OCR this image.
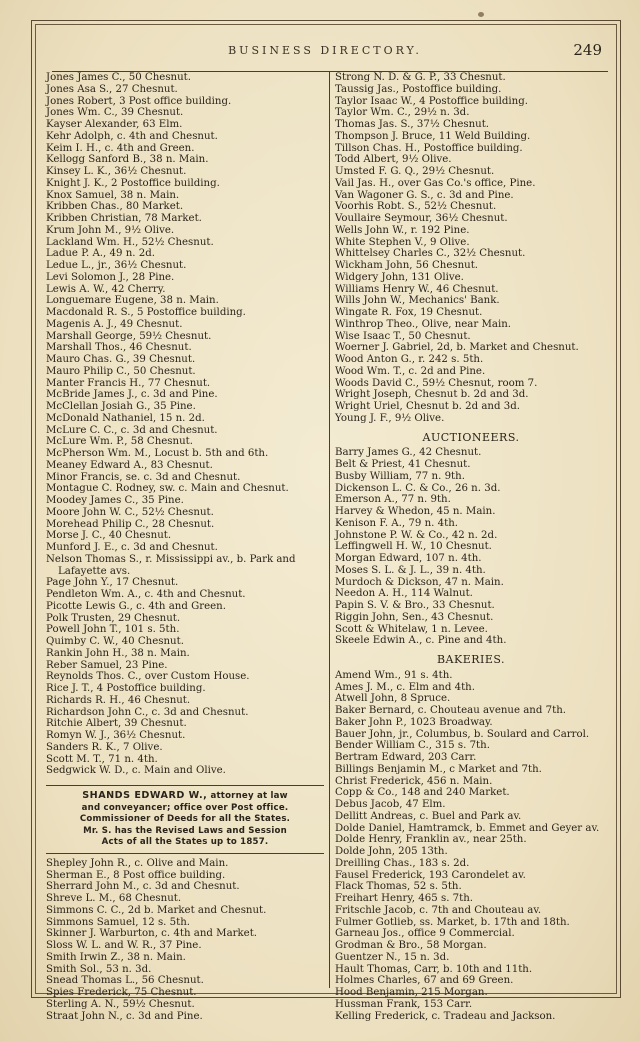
BUSINESS DIRECTORY.	249
Jones James C., 50 Chesnut.
Jones Asa S., 27 Chesnut.
Jones Robert, 3 Post office building.
Jones Wm. C., 39 Chesnut.
Kayser Alexander, 63 Elm.
Kehr Adolph, c. 4th and Chesnut.
Keim I. H., c. 4th and Green.
Kellogg Sanford B., 38 n. Main.
Kinsey L. K., 36½ Chesnut.
Knight J. K., 2 Postoffice building.
Knox Samuel, 38 n. Main.
Kribben Chas., 80 Market.
Kribben Christian, 78 Market.
Krum John M., 9½ Olive.
Lackland Wm. H., 52½ Chesnut.
Ladue P. A., 49 n. 2d.
Ledue L., jr., 36½ Chesnut.
Levi Solomon J., 28 Pine.
Lewis A. W., 42 Cherry.
Longuemare Eugene, 38 n. Main.
Macdonald R. S., 5 Postoffice building.
Magenis A. J., 49 Chesnut.
Marshall George, 59½ Chesnut.
Marshall Thos., 46 Chesnut.
Mauro Chas. G., 39 Chesnut.
Mauro Philip C., 50 Chesnut.
Manter Francis H., 77 Chesnut.
McBride James J., c. 3d and Pine.
McClellan Josiah G., 35 Pine.
McDonald Nathaniel, 15 n. 2d.
McLure C. C., c. 3d and Chesnut.
McLure Wm. P., 58 Chesnut.
McPherson Wm. M., Locust b. 5th and 6th.
Meaney Edward A., 83 Chesnut.
Minor Francis, se. c. 3d and Chesnut.
Montague C. Rodney, sw. c. Main and Chesnut.
Moodey James C., 35 Pine.
Moore John W. C., 52½ Chesnut.
Morehead Philip C., 28 Chesnut.
Morse J. C., 40 Chesnut.
Munford J. E., c. 3d and Chesnut.
Nelson Thomas S., r. Mississippi av., b. Park and Lafayette avs.
Page John Y., 17 Chesnut.
Pendleton Wm. A., c. 4th and Chesnut.
Picotte Lewis G., c. 4th and Green.
Polk Trusten, 29 Chesnut.
Powell John T., 101 s. 5th.
Quimby C. W., 40 Chesnut.
Rankin John H., 38 n. Main.
Reber Samuel, 23 Pine.
Reynolds Thos. C., over Custom House.
Rice J. T., 4 Postoffice building.
Richards R. H., 46 Chesnut.
Richardson John C., c. 3d and Chesnut.
Ritchie Albert, 39 Chesnut.
Romyn W. J., 36½ Chesnut.
Sanders R. K., 7 Olive.
Scott M. T., 71 n. 4th.
Sedgwick W. D., c. Main and Olive.
SHANDS EDWARD W., attorney at law
and conveyancer; office over Post office.
Commissioner of Deeds for all the States.
Mr. S. has the Revised Laws and Session
Acts of all the States up to 1857.
Shepley John R., c. Olive and Main.
Sherman E., 8 Post office building.
Sherrard John M., c. 3d and Chesnut.
Shreve L. M., 68 Chesnut.
Simmons C. C., 2d b. Market and Chesnut.
Simmons Samuel, 12 s. 5th.
Skinner J. Warburton, c. 4th and Market.
Sloss W. L. and W. R., 37 Pine.
Smith Irwin Z., 38 n. Main.
Smith Sol., 53 n. 3d.
Snead Thomas L., 56 Chesnut.
Spies Frederick, 75 Chesnut.
Sterling A. N., 59½ Chesnut.
Straat John N., c. 3d and Pine.
Strong N. D. & G. P., 33 Chesnut.
Taussig Jas., Postoffice building.
Taylor Isaac W., 4 Postoffice building.
Taylor Wm. C., 29½ n. 3d.
Thomas Jas. S., 37½ Chesnut.
Thompson J. Bruce, 11 Weld Building.
Tillson Chas. H., Postoffice building.
Todd Albert, 9½ Olive.
Umsted F. G. Q., 29½ Chesnut.
Vail Jas. H., over Gas Co.'s office, Pine.
Van Wagoner G. S., c. 3d and Pine.
Voorhis Robt. S., 52½ Chesnut.
Voullaire Seymour, 36½ Chesnut.
Wells John W., r. 192 Pine.
White Stephen V., 9 Olive.
Whittelsey Charles C., 32½ Chesnut.
Wickham John, 56 Chesnut.
Widgery John, 131 Olive.
Williams Henry W., 46 Chesnut.
Wills John W., Mechanics' Bank.
Wingate R. Fox, 19 Chesnut.
Winthrop Theo., Olive, near Main.
Wise Isaac T., 50 Chesnut.
Woerner J. Gabriel, 2d, b. Market and Chesnut.
Wood Anton G., r. 242 s. 5th.
Wood Wm. T., c. 2d and Pine.
Woods David C., 59½ Chesnut, room 7.
Wright Joseph, Chesnut b. 2d and 3d.
Wright Uriel, Chesnut b. 2d and 3d.
Young J. F., 9½ Olive.
AUCTIONEERS.
Barry James G., 42 Chesnut.
Belt & Priest, 41 Chesnut.
Busby William, 77 n. 9th.
Dickenson L. C. & Co., 26 n. 3d.
Emerson A., 77 n. 9th.
Harvey & Whedon, 45 n. Main.
Kenison F. A., 79 n. 4th.
Johnstone P. W. & Co., 42 n. 2d.
Leffingwell H. W., 10 Chesnut.
Morgan Edward, 107 n. 4th.
Moses S. L. & J. L., 39 n. 4th.
Murdoch & Dickson, 47 n. Main.
Needon A. H., 114 Walnut.
Papin S. V. & Bro., 33 Chesnut.
Riggin John, Sen., 43 Chesnut.
Scott & Whitelaw, 1 n. Levee.
Skeele Edwin A., c. Pine and 4th.
BAKERIES.
Amend Wm., 91 s. 4th.
Ames J. M., c. Elm and 4th.
Atwell John, 8 Spruce.
Baker Bernard, c. Chouteau avenue and 7th.
Baker John P., 1023 Broadway.
Bauer John, jr., Columbus, b. Soulard and Carrol.
Bender William C., 315 s. 7th.
Bertram Edward, 203 Carr.
Billings Benjamin M., c Market and 7th.
Christ Frederick, 456 n. Main.
Copp & Co., 148 and 240 Market.
Debus Jacob, 47 Elm.
Dellitt Andreas, c. Buel and Park av.
Dolde Daniel, Hamtramck, b. Emmet and Geyer av.
Dolde Henry, Franklin av., near 25th.
Dolde John, 205 13th.
Dreilling Chas., 183 s. 2d.
Fausel Frederick, 193 Carondelet av.
Flack Thomas, 52 s. 5th.
Freihart Henry, 465 s. 7th.
Fritschle Jacob, c. 7th and Chouteau av.
Fulmer Gotlieb, ss. Market, b. 17th and 18th.
Garneau Jos., office 9 Commercial.
Grodman & Bro., 58 Morgan.
Guentzer N., 15 n. 3d.
Hault Thomas, Carr, b. 10th and 11th.
Holmes Charles, 67 and 69 Green.
Hood Benjamin, 215 Morgan.
Hussman Frank, 153 Carr.
Kelling Frederick, c. Tradeau and Jackson.
